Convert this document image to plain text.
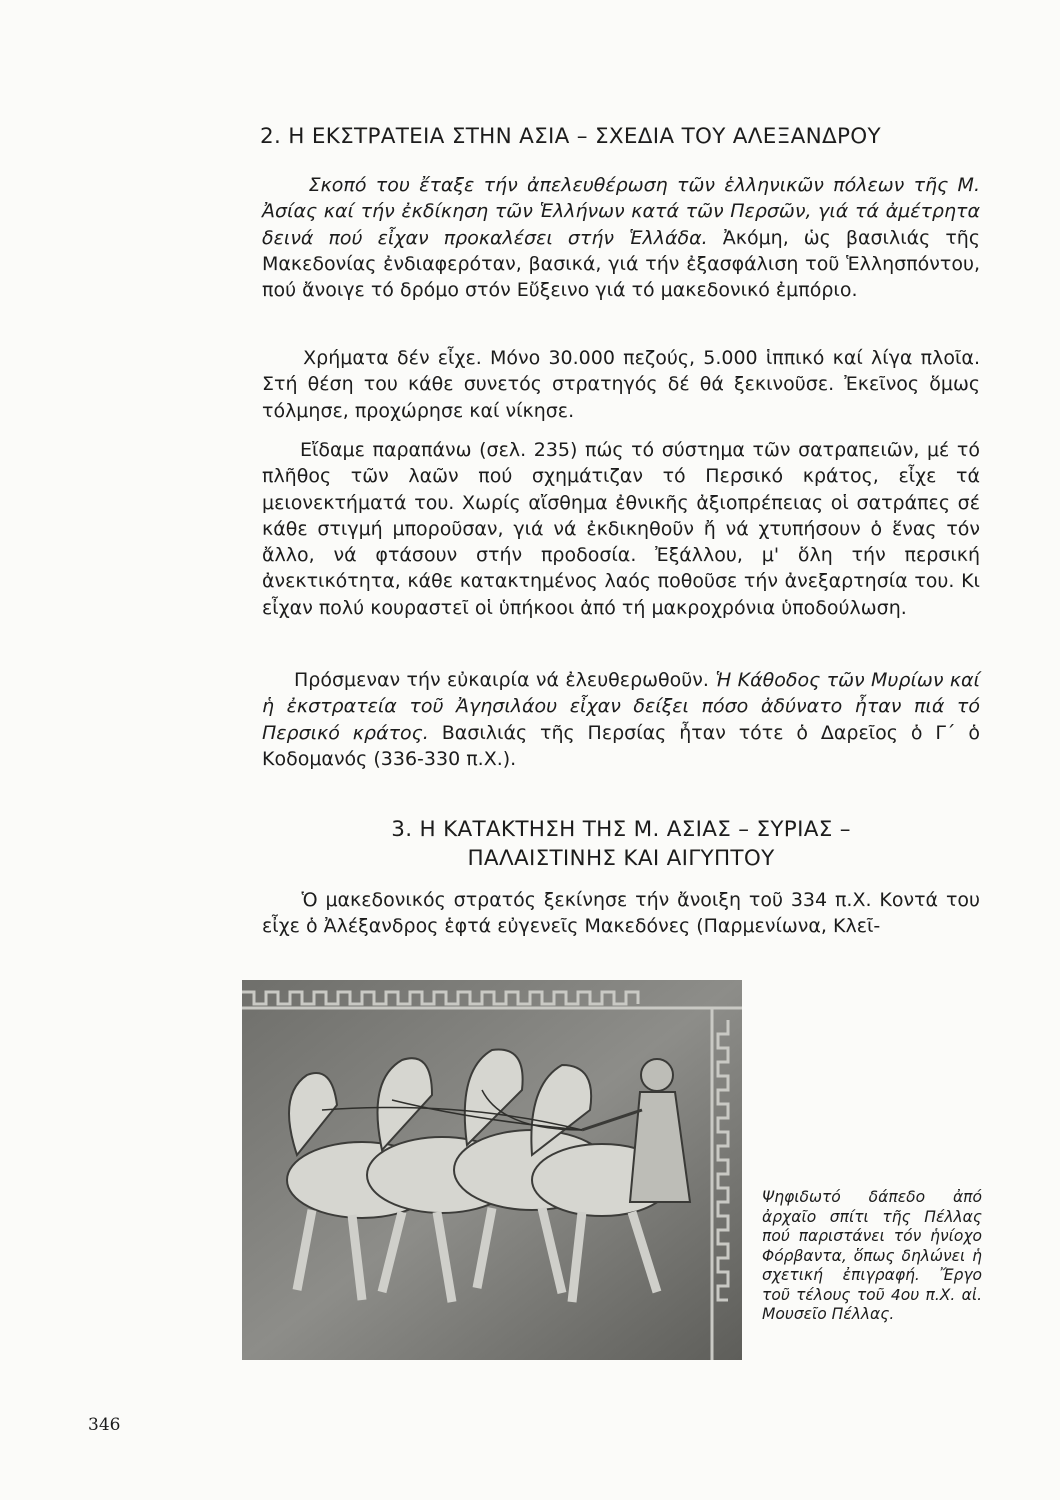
2. Η ΕΚΣΤΡΑΤΕΙΑ ΣΤΗΝ ΑΣΙΑ – ΣΧΕΔΙΑ ΤΟΥ ΑΛΕΞΑΝΔΡΟΥ

Σκοπό του ἔταξε τήν ἀπελευθέρωση τῶν ἑλληνικῶν πόλεων τῆς Μ. Ἀσίας καί τήν ἐκδίκηση τῶν Ἑλλήνων κατά τῶν Περσῶν, γιά τά ἀμέτρητα δεινά πού εἶχαν προκαλέσει στήν Ἑλλάδα. Ἀκόμη, ὡς βασιλιάς τῆς Μακεδονίας ἐνδιαφερόταν, βασικά, γιά τήν ἐξασφάλιση τοῦ Ἑλλησπόντου, πού ἄνοιγε τό δρόμο στόν Εὔξεινο γιά τό μακεδονικό ἐμπόριο.

Χρήματα δέν εἶχε. Μόνο 30.000 πεζούς, 5.000 ἱππικό καί λίγα πλοῖα. Στή θέση του κάθε συνετός στρατηγός δέ θά ξεκινοῦσε. Ἐκεῖνος ὅμως τόλμησε, προχώρησε καί νίκησε.

Εἴδαμε παραπάνω (σελ. 235) πώς τό σύστημα τῶν σατραπειῶν, μέ τό πλῆθος τῶν λαῶν πού σχημάτιζαν τό Περσικό κράτος, εἶχε τά μειονεκτήματά του. Χωρίς αἴσθημα ἐθνικῆς ἀξιοπρέπειας οἱ σατράπες σέ κάθε στιγμή μποροῦσαν, γιά νά ἐκδικηθοῦν ἤ νά χτυπήσουν ὁ ἕνας τόν ἄλλο, νά φτάσουν στήν προδοσία. Ἐξάλλου, μ' ὅλη τήν περσική ἀνεκτικότητα, κάθε κατακτημένος λαός ποθοῦσε τήν ἀνεξαρτησία του. Κι εἶχαν πολύ κουραστεῖ οἱ ὑπήκοοι ἀπό τή μακροχρόνια ὑποδούλωση.

Πρόσμεναν τήν εὐκαιρία νά ἐλευθερωθοῦν. Ἡ Κάθοδος τῶν Μυρίων καί ἡ ἐκστρατεία τοῦ Ἀγησιλάου εἶχαν δείξει πόσο ἀδύνατο ἦταν πιά τό Περσικό κράτος. Βασιλιάς τῆς Περσίας ἦταν τότε ὁ Δαρεῖος ὁ Γ΄ ὁ Κοδομανός (336-330 π.Χ.).

3. Η ΚΑΤΑΚΤΗΣΗ ΤΗΣ Μ. ΑΣΙΑΣ – ΣΥΡΙΑΣ –
ΠΑΛΑΙΣΤΙΝΗΣ ΚΑΙ ΑΙΓΥΠΤΟΥ

Ὁ μακεδονικός στρατός ξεκίνησε τήν ἄνοιξη τοῦ 334 π.Χ. Κοντά του εἶχε ὁ Ἀλέξανδρος ἑφτά εὐγενεῖς Μακεδόνες (Παρμενίωνα, Κλεῖ-

Ψηφιδωτό δάπεδο ἀπό ἀρχαῖο σπίτι τῆς Πέλλας πού παριστάνει τόν ἡνίοχο Φόρβαντα, ὅπως δηλώνει ἡ σχετική ἐπιγραφή. Ἔργο τοῦ τέλους τοῦ 4ου π.Χ. αἰ. Μουσεῖο Πέλλας.

346
